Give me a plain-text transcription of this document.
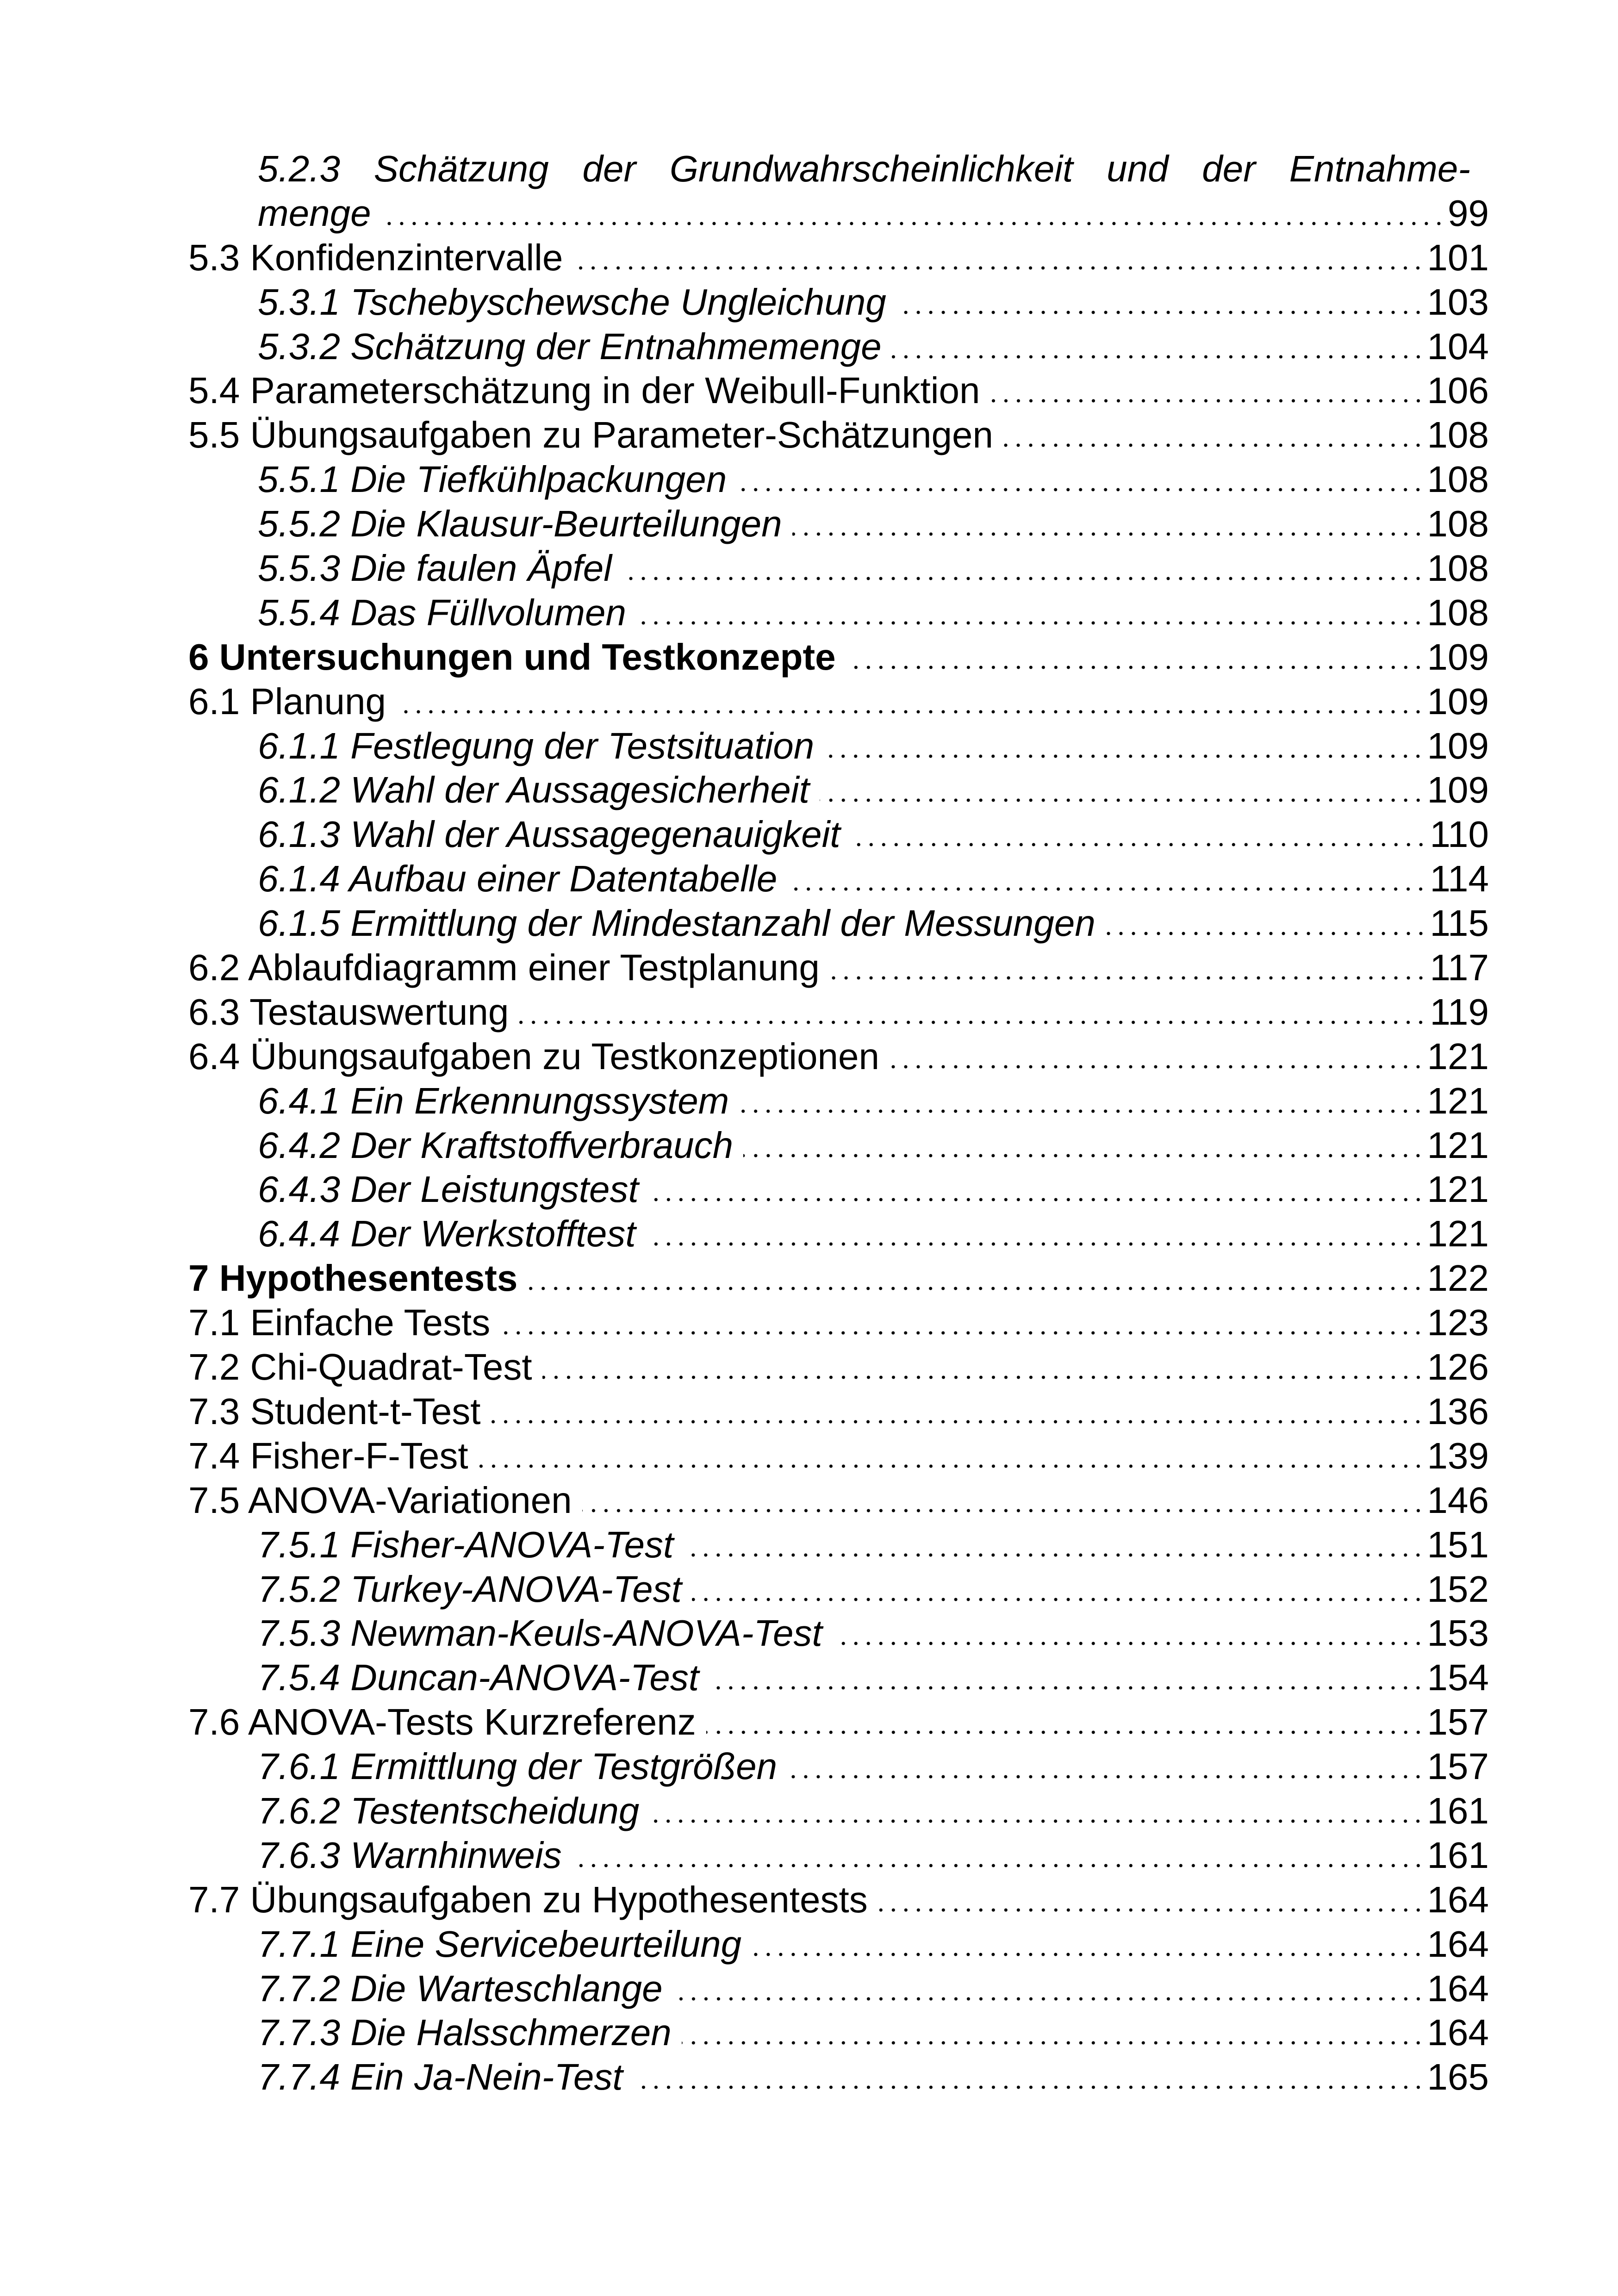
5.2.3 Schätzung der Grundwahrscheinlichkeit und der Entnahme-
menge	99
5.3 Konfidenzintervalle	101
5.3.1 Tschebyschewsche Ungleichung	103
5.3.2 Schätzung der Entnahmemenge	104
5.4 Parameterschätzung in der Weibull-Funktion	106
5.5 Übungsaufgaben zu Parameter-Schätzungen	108
5.5.1 Die Tiefkühlpackungen	108
5.5.2 Die Klausur-Beurteilungen	108
5.5.3 Die faulen Äpfel	108
5.5.4 Das Füllvolumen	108
6 Untersuchungen und Testkonzepte	109
6.1 Planung	109
6.1.1 Festlegung der Testsituation	109
6.1.2 Wahl der Aussagesicherheit	109
6.1.3 Wahl der Aussagegenauigkeit	110
6.1.4 Aufbau einer Datentabelle	114
6.1.5 Ermittlung der Mindestanzahl der Messungen	115
6.2 Ablaufdiagramm einer Testplanung	117
6.3 Testauswertung	119
6.4 Übungsaufgaben zu Testkonzeptionen	121
6.4.1 Ein Erkennungssystem	121
6.4.2 Der Kraftstoffverbrauch	121
6.4.3 Der Leistungstest	121
6.4.4 Der Werkstofftest	121
7 Hypothesentests	122
7.1 Einfache Tests	123
7.2 Chi-Quadrat-Test	126
7.3 Student-t-Test	136
7.4 Fisher-F-Test	139
7.5 ANOVA-Variationen	146
7.5.1 Fisher-ANOVA-Test	151
7.5.2 Turkey-ANOVA-Test	152
7.5.3 Newman-Keuls-ANOVA-Test	153
7.5.4 Duncan-ANOVA-Test	154
7.6 ANOVA-Tests Kurzreferenz	157
7.6.1 Ermittlung der Testgrößen	157
7.6.2 Testentscheidung	161
7.6.3 Warnhinweis	161
7.7 Übungsaufgaben zu Hypothesentests	164
7.7.1 Eine Servicebeurteilung	164
7.7.2 Die Warteschlange	164
7.7.3 Die Halsschmerzen	164
7.7.4 Ein Ja-Nein-Test	165
